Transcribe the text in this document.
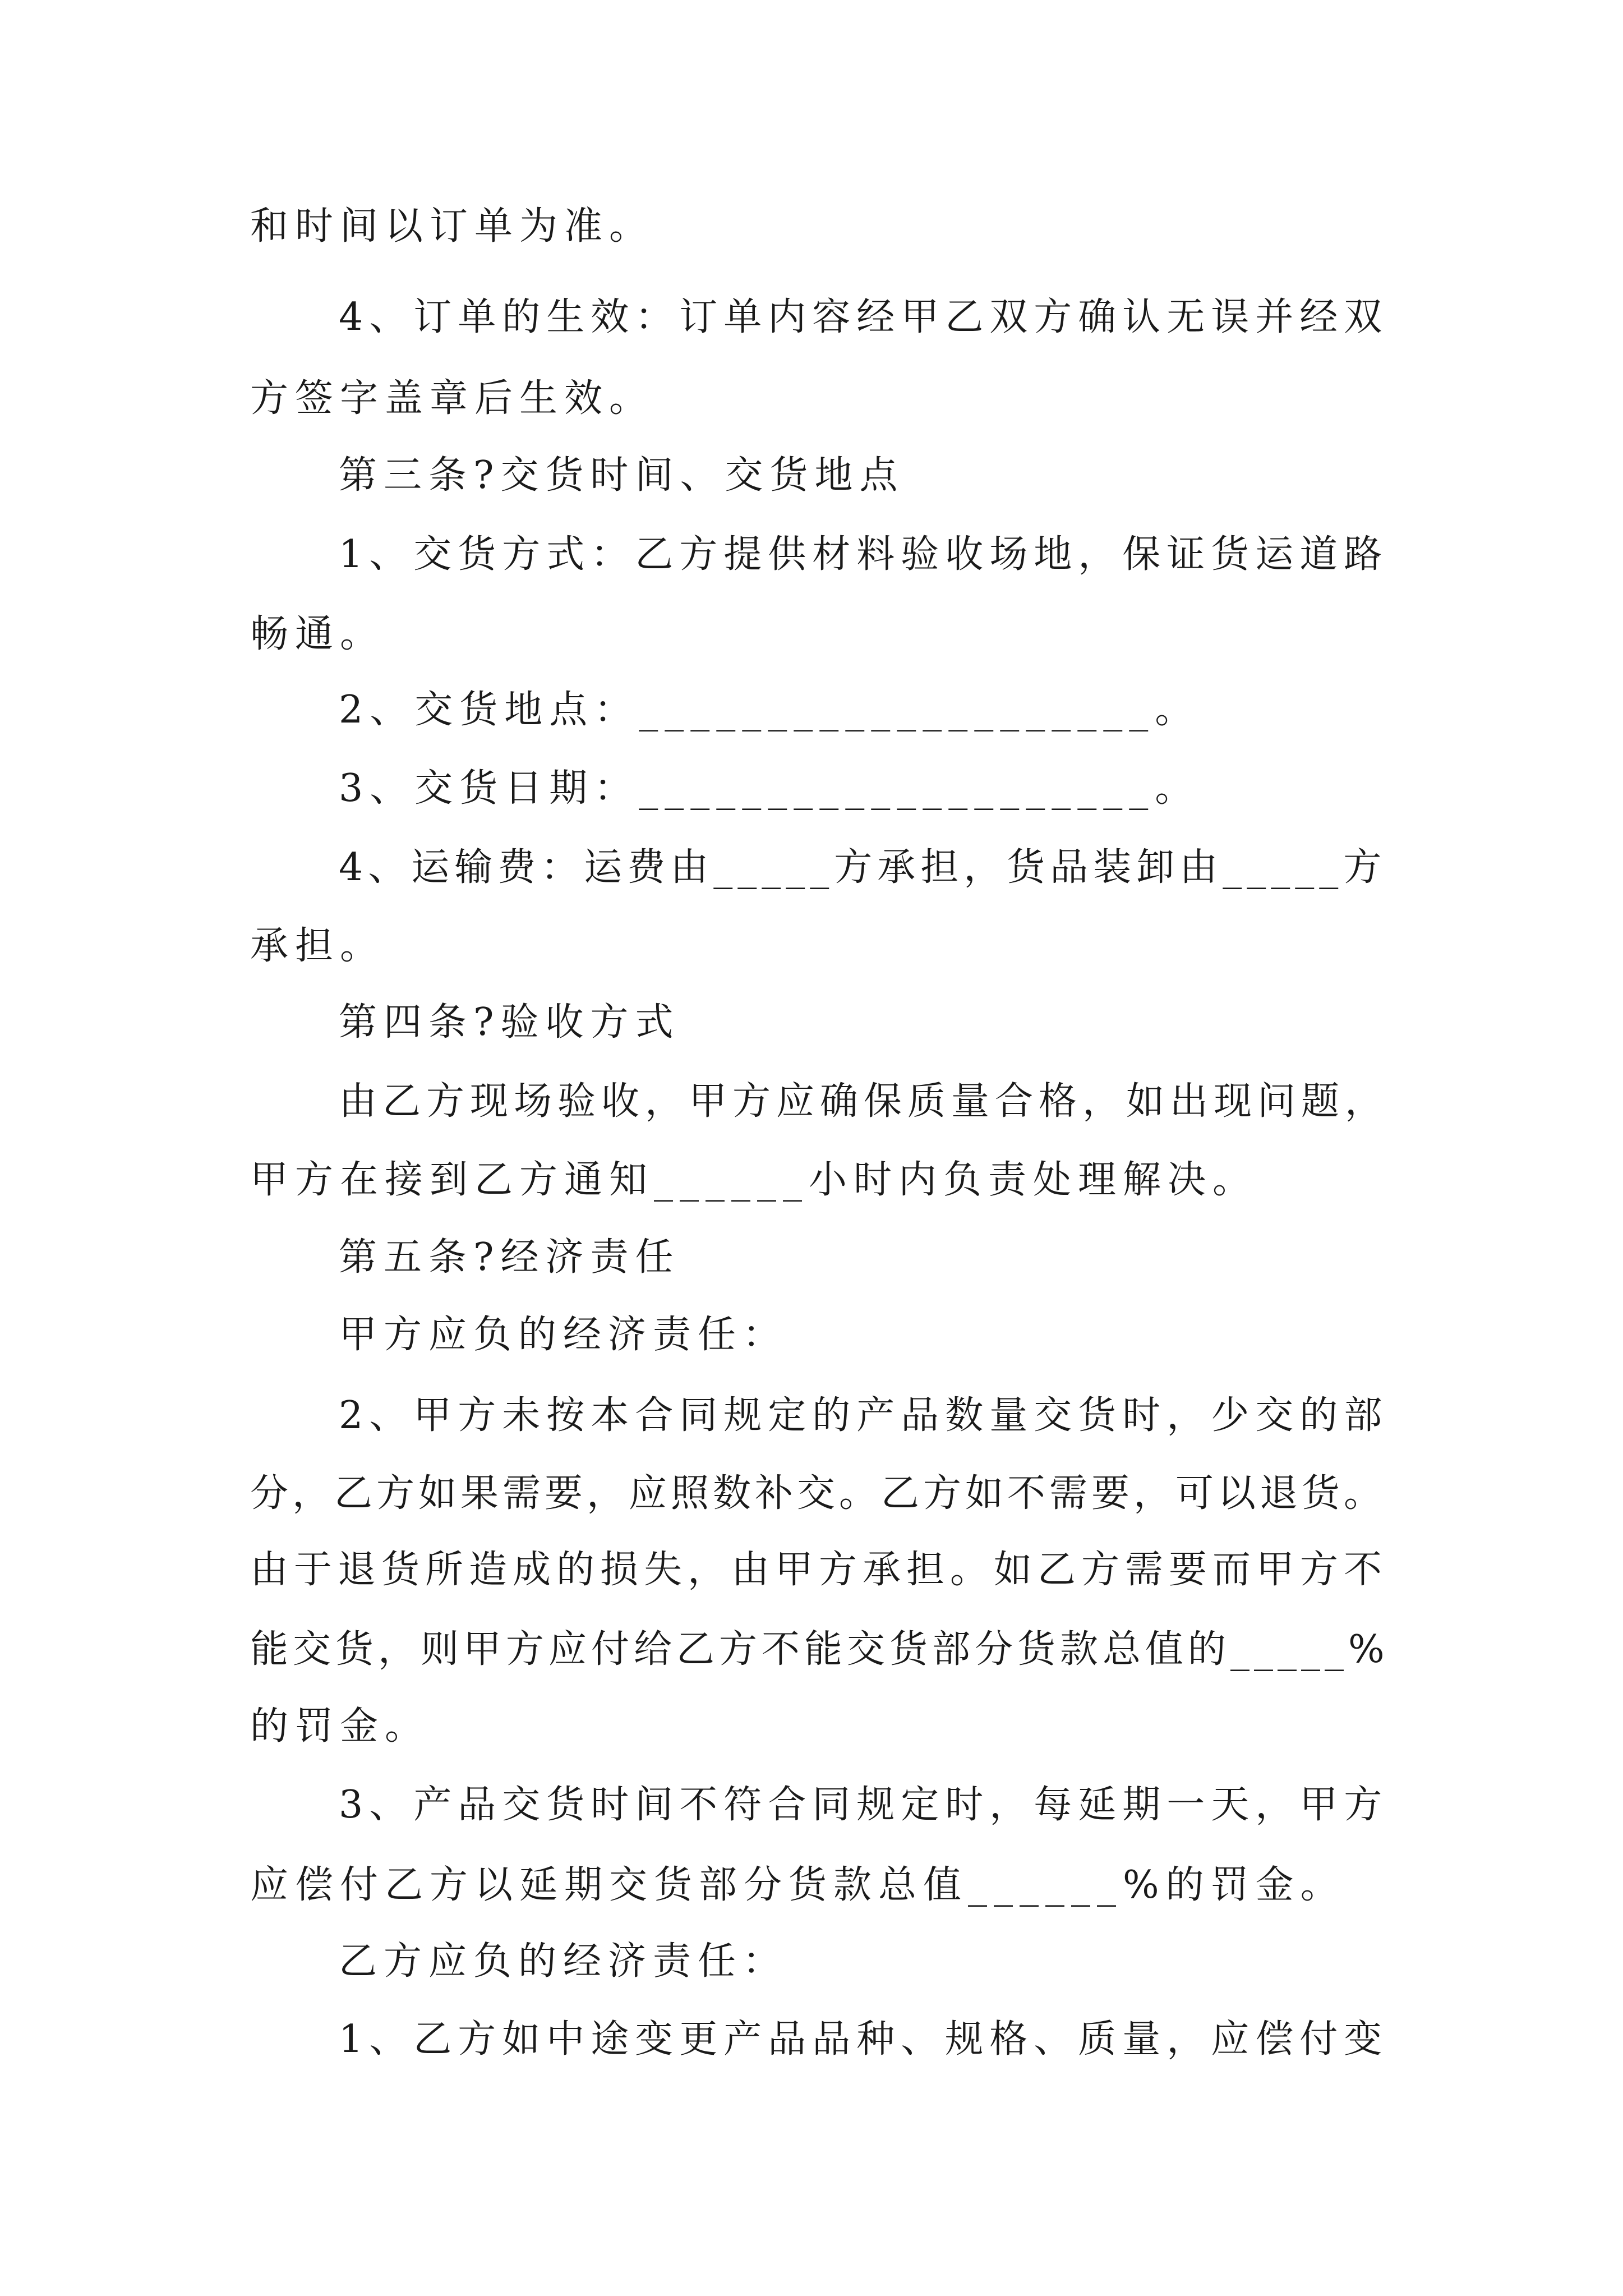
和时间以订单为准。
4、订单的生效：订单内容经甲乙双方确认无误并经双
方签字盖章后生效。
第三条?交货时间、交货地点
1、交货方式：乙方提供材料验收场地，保证货运道路
畅通。
2、交货地点：____________________。
3、交货日期：____________________。
4、运输费：运费由_____方承担，货品装卸由_____方
承担。
第四条?验收方式
由乙方现场验收，甲方应确保质量合格，如出现问题，
甲方在接到乙方通知______小时内负责处理解决。
第五条?经济责任
甲方应负的经济责任：
2、甲方未按本合同规定的产品数量交货时，少交的部
分，乙方如果需要，应照数补交。乙方如不需要，可以退货。
由于退货所造成的损失，由甲方承担。如乙方需要而甲方不
能交货，则甲方应付给乙方不能交货部分货款总值的_____%
的罚金。
3、产品交货时间不符合同规定时，每延期一天，甲方
应偿付乙方以延期交货部分货款总值______%的罚金。
乙方应负的经济责任：
1、乙方如中途变更产品品种、规格、质量，应偿付变
